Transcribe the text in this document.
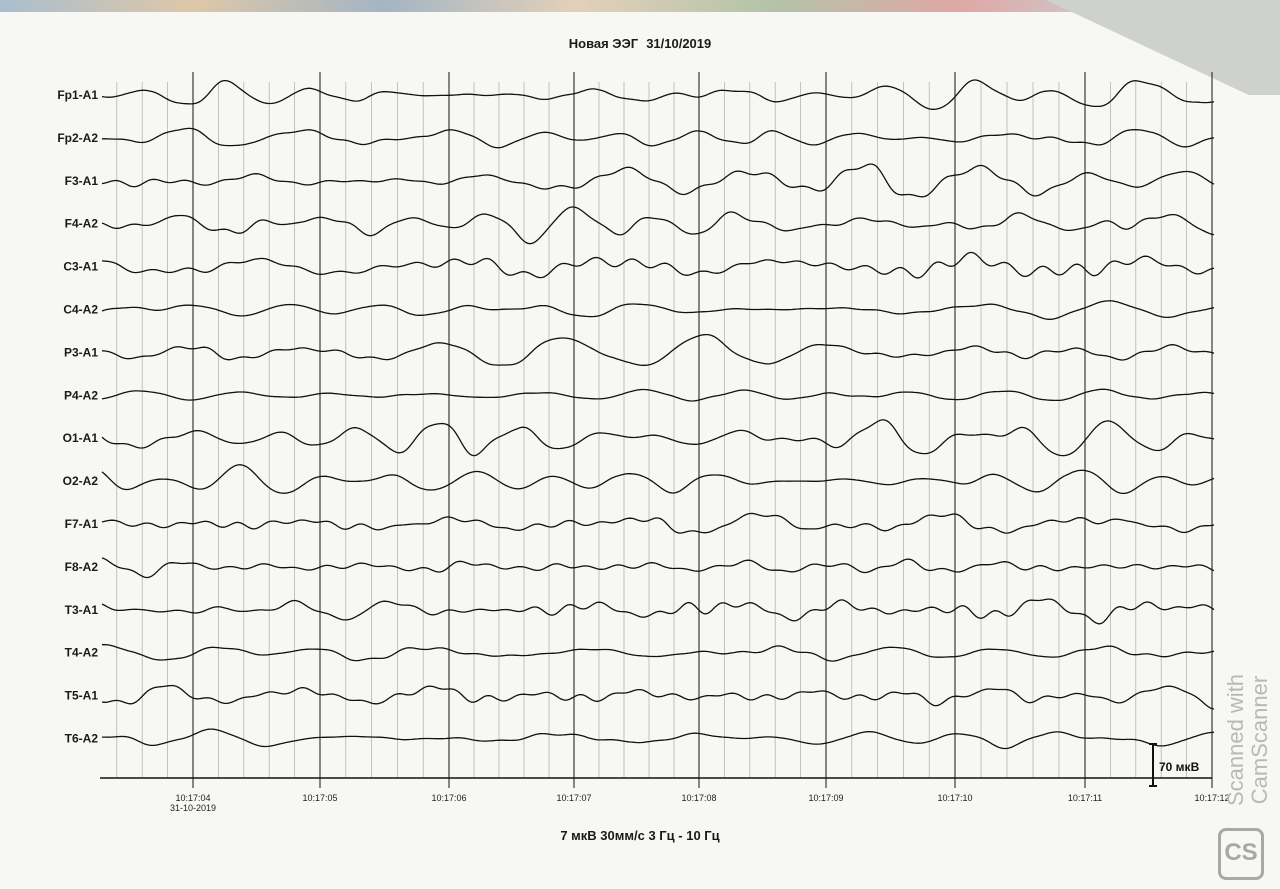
Новая ЭЭГ 31/10/2019
10:17:04
31-10-2019
10:17:05	10:17:06	10:17:07	10:17:08	10:17:09	10:17:10	10:17:11	10:17:12
Fp1-A1
Fp2-A2
F3-A1
F4-A2
C3-A1
C4-A2
P3-A1
P4-A2
O1-A1
O2-A2
F7-A1
F8-A2
T3-A1
T4-A2
T5-A1
T6-A2
70 мкВ
7 мкВ 30мм/с 3 Гц - 10 Гц
Scanned with CamScanner
CS
